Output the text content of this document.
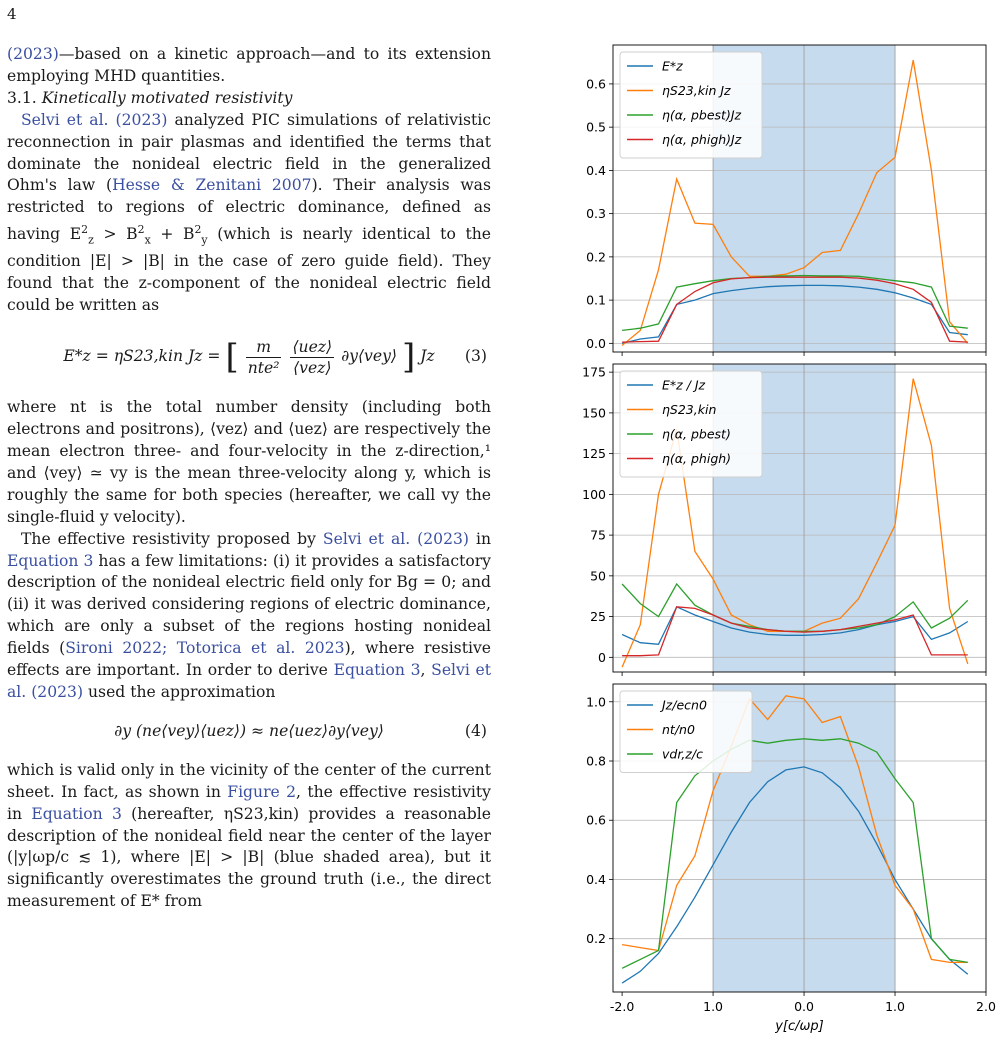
4

(2023)—based on a kinetic approach—and to its extension employing MHD quantities.

3.1. Kinetically motivated resistivity

Selvi et al. (2023) analyzed PIC simulations of relativistic reconnection in pair plasmas and identified the terms that dominate the nonideal electric field in the generalized Ohm's law (Hesse & Zenitani 2007). Their analysis was restricted to regions of electric dominance, defined as having $E^2_z > B^2_x + B^2_y$ (which is nearly identical to the condition |E| > |B| in the case of zero guide field). They found that the z-component of the nonideal electric field could be written as

E*z = ηS23,kin Jz = [ $\frac{m}{\text{nte²}}$
$\frac{\text{⟨uez⟩}}{\text{⟨vez⟩}}$ ∂y⟨vey⟩ ] Jz (3)

where nt is the total number density (including both electrons and positrons), ⟨vez⟩ and ⟨uez⟩ are respectively the mean electron three- and four-velocity in the z-direction,¹ and ⟨vey⟩ ≃ vy is the mean three-velocity along y, which is roughly the same for both species (hereafter, we call vy the single-fluid y velocity).

The effective resistivity proposed by Selvi et al. (2023) in Equation 3 has a few limitations: (i) it provides a satisfactory description of the nonideal electric field only for Bg = 0; and (ii) it was derived considering regions of electric dominance, which are only a subset of the regions hosting nonideal fields (Sironi 2022; Totorica et al. 2023), where resistive effects are important. In order to derive Equation 3, Selvi et al. (2023) used the approximation

∂y (ne⟨vey⟩⟨uez⟩) ≈ ne⟨uez⟩∂y⟨vey⟩	(4)

which is valid only in the vicinity of the center of the current sheet. In fact, as shown in Figure 2, the effective resistivity in Equation 3 (hereafter, ηS23,kin) provides a reasonable description of the nonideal field near the center of the layer (|y|ωp/c ≲ 1), where |E| > |B| (blue shaded area), but it significantly overestimates the ground truth (i.e., the direct measurement of E* from

0.0
0.1
0.2
0.3
0.4
0.5
0.6
E*z
ηS23,kin Jz
η(α, pbest)Jz
η(α, phigh)Jz
0
25
50
75
100
125
150
175
E*z / Jz
ηS23,kin
η(α, pbest)
η(α, phigh)
0.2
0.4
0.6
0.8
1.0	Jz/ecn0
nt/n0
vdr,z/c
-2.0	1.0	0.0	1.0	2.0
y[c/ωp]
